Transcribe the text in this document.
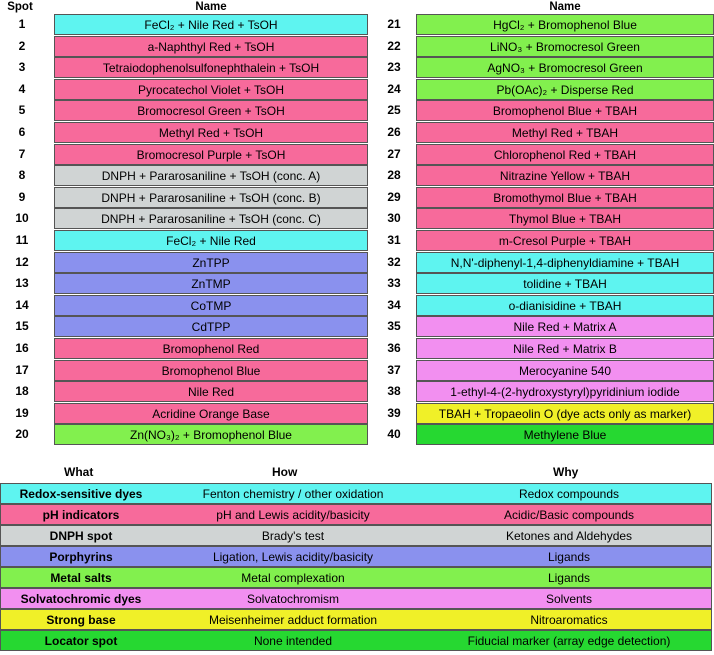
Spot	Name
1	FeCl₂ + Nile Red + TsOH
2	a-Naphthyl Red + TsOH
3	Tetraiodophenolsulfonephthalein + TsOH
4	Pyrocatechol Violet + TsOH
5	Bromocresol Green + TsOH
6	Methyl Red + TsOH
7	Bromocresol Purple + TsOH
8	DNPH + Pararosaniline + TsOH (conc. A)
9	DNPH + Pararosaniline + TsOH (conc. B)
10	DNPH + Pararosaniline + TsOH (conc. C)
11	FeCl₂ + Nile Red
12	ZnTPP
13	ZnTMP
14	CoTMP
15	CdTPP
16	Bromophenol Red
17	Bromophenol Blue
18	Nile Red
19	Acridine Orange Base
20	Zn(NO₃)₂ + Bromophenol Blue
Name
21	HgCl₂ + Bromophenol Blue
22	LiNO₃ + Bromocresol Green
23	AgNO₃ + Bromocresol Green
24	Pb(OAc)₂ + Disperse Red
25	Bromophenol Blue + TBAH
26	Methyl Red + TBAH
27	Chlorophenol Red + TBAH
28	Nitrazine Yellow + TBAH
29	Bromothymol Blue + TBAH
30	Thymol Blue + TBAH
31	m-Cresol Purple + TBAH
32	N,N'-diphenyl-1,4-diphenyldiamine + TBAH
33	tolidine + TBAH
34	o-dianisidine + TBAH
35	Nile Red + Matrix A
36	Nile Red + Matrix B
37	Merocyanine 540
38	1-ethyl-4-(2-hydroxystyryl)pyridinium iodide
39	TBAH + Tropaeolin O (dye acts only as marker)
40	Methylene Blue
What	How	Why
Redox-sensitive dyes	Fenton chemistry / other oxidation	Redox compounds
pH indicators	pH and Lewis acidity/basicity	Acidic/Basic compounds
DNPH spot	Brady's test	Ketones and Aldehydes
Porphyrins	Ligation, Lewis acidity/basicity	Ligands
Metal salts	Metal complexation	Ligands
Solvatochromic dyes	Solvatochromism	Solvents
Strong base	Meisenheimer adduct formation	Nitroaromatics
Locator spot	None intended	Fiducial marker (array edge detection)
